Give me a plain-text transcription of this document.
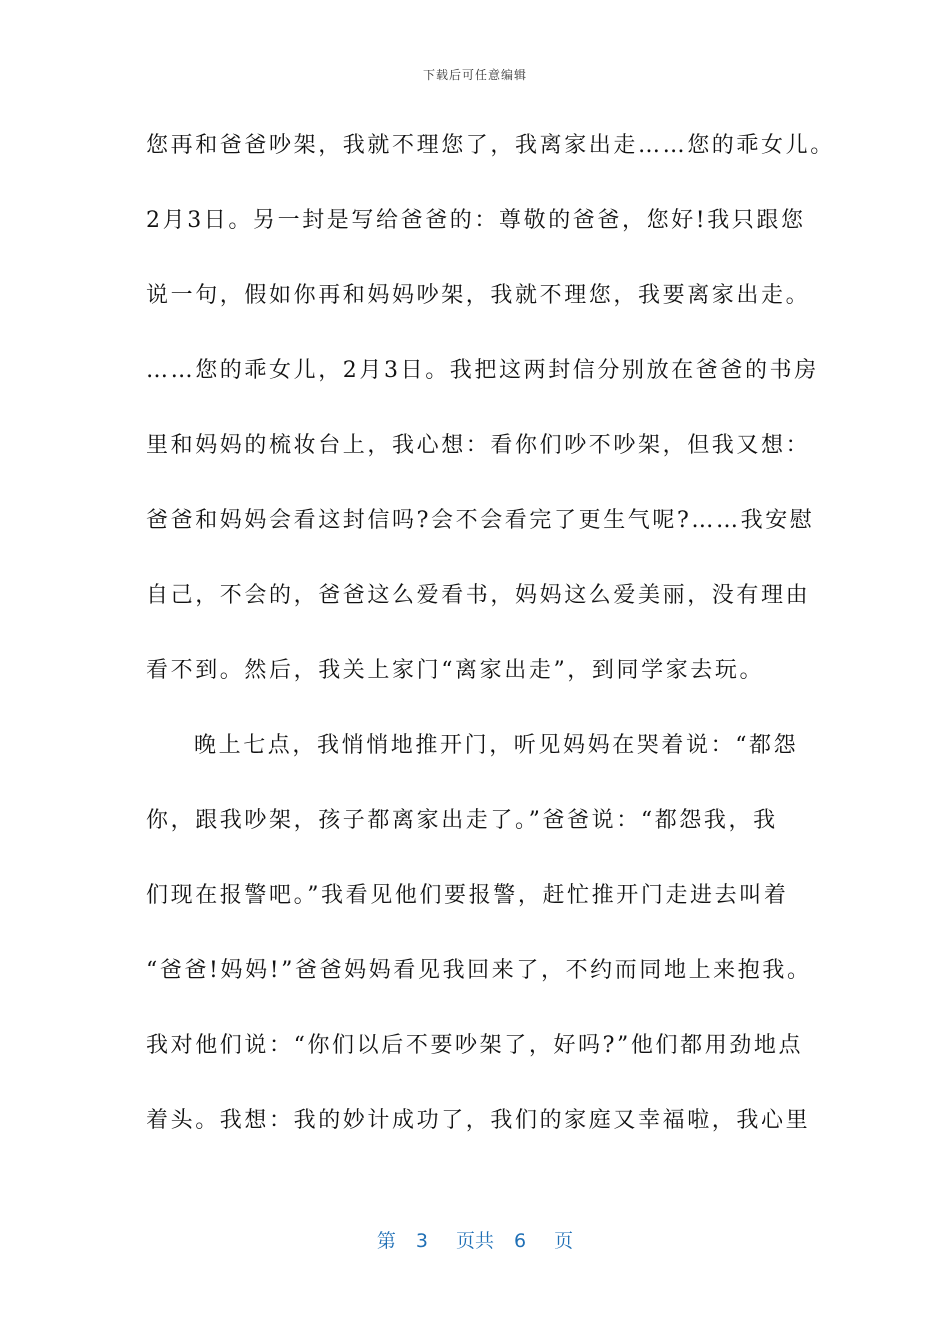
下载后可任意编辑
您再和爸爸吵架，我就不理您了，我离家出走……您的乖女儿。
2月3日。另一封是写给爸爸的：尊敬的爸爸，您好!我只跟您
说一句，假如你再和妈妈吵架，我就不理您，我要离家出走。
……您的乖女儿，2月3日。我把这两封信分别放在爸爸的书房
里和妈妈的梳妆台上，我心想：看你们吵不吵架，但我又想：
爸爸和妈妈会看这封信吗?会不会看完了更生气呢?……我安慰
自己，不会的，爸爸这么爱看书，妈妈这么爱美丽，没有理由
看不到。然后，我关上家门“离家出走”，到同学家去玩。
晚上七点，我悄悄地推开门，听见妈妈在哭着说：“都怨
你，跟我吵架，孩子都离家出走了。”爸爸说：“都怨我，我
们现在报警吧。”我看见他们要报警，赶忙推开门走进去叫着
“爸爸!妈妈!”爸爸妈妈看见我回来了，不约而同地上来抱我。
我对他们说：“你们以后不要吵架了，好吗?”他们都用劲地点
着头。我想：我的妙计成功了，我们的家庭又幸福啦，我心里
第 3 页共 6 页
